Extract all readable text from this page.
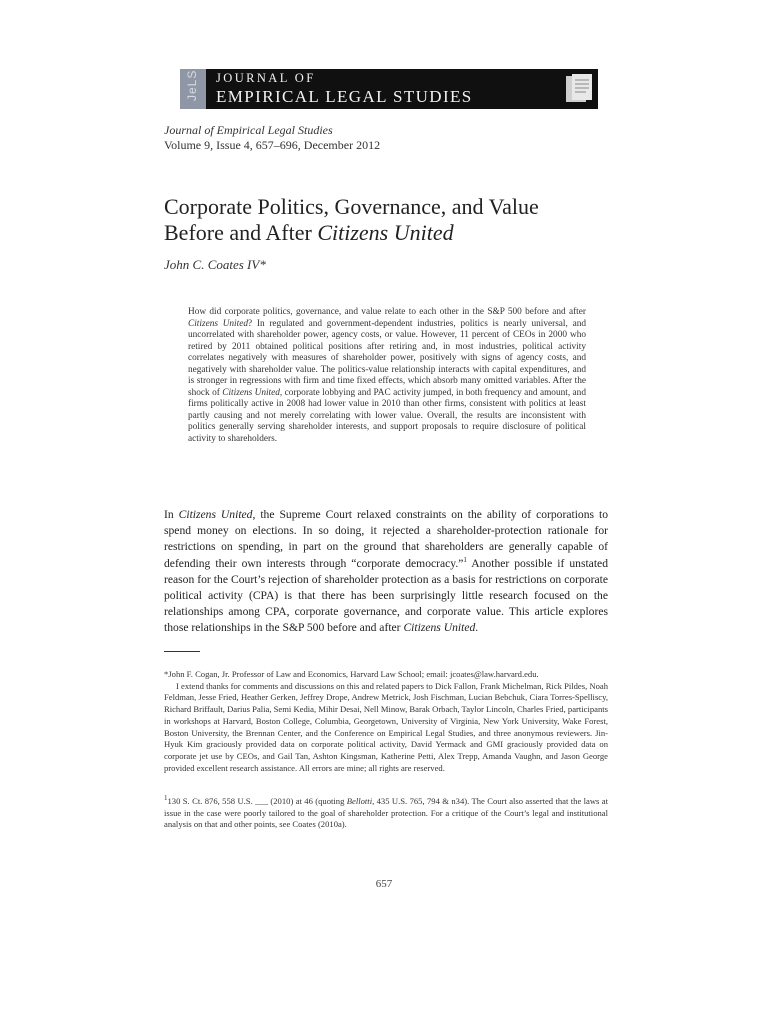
JeLS JOURNAL OF
EMPIRICAL LEGAL STUDIES
Journal of Empirical Legal Studies
Volume 9, Issue 4, 657–696, December 2012
Corporate Politics, Governance, and Value
Before and After Citizens United
John C. Coates IV*
How did corporate politics, governance, and value relate to each other in the S&P 500 before and after Citizens United? In regulated and government-dependent industries, politics is nearly universal, and uncorrelated with shareholder power, agency costs, or value. However, 11 percent of CEOs in 2000 who retired by 2011 obtained political positions after retiring and, in most industries, political activity correlates negatively with measures of shareholder power, positively with signs of agency costs, and negatively with shareholder value. The politics-value relationship interacts with capital expenditures, and is stronger in regressions with firm and time fixed effects, which absorb many omitted variables. After the shock of Citizens United, corporate lobbying and PAC activity jumped, in both frequency and amount, and firms politically active in 2008 had lower value in 2010 than other firms, consistent with politics at least partly causing and not merely correlating with lower value. Overall, the results are inconsistent with politics generally serving shareholder interests, and support proposals to require disclosure of political activity to shareholders.
In Citizens United, the Supreme Court relaxed constraints on the ability of corporations to spend money on elections. In so doing, it rejected a shareholder-protection rationale for restrictions on spending, in part on the ground that shareholders are generally capable of defending their own interests through “corporate democracy.”$^1$ Another possible if unstated reason for the Court’s rejection of shareholder protection as a basis for restrictions on corporate political activity (CPA) is that there has been surprisingly little research focused on the relationships among CPA, corporate governance, and corporate value. This article explores those relationships in the S&P 500 before and after Citizens United.
*John F. Cogan, Jr. Professor of Law and Economics, Harvard Law School; email: jcoates@law.harvard.edu.
I extend thanks for comments and discussions on this and related papers to Dick Fallon, Frank Michelman, Rick Pildes, Noah Feldman, Jesse Fried, Heather Gerken, Jeffrey Drope, Andrew Metrick, Josh Fischman, Lucian Bebchuk, Ciara Torres-Spelliscy, Richard Briffault, Darius Palia, Semi Kedia, Mihir Desai, Nell Minow, Barak Orbach, Taylor Lincoln, Charles Fried, participants in workshops at Harvard, Boston College, Columbia, Georgetown, University of Virginia, New York University, Wake Forest, Boston University, the Brennan Center, and the Conference on Empirical Legal Studies, and three anonymous reviewers. Jin-Hyuk Kim graciously provided data on corporate political activity, David Yermack and GMI graciously provided data on corporate jet use by CEOs, and Gail Tan, Ashton Kingsman, Katherine Petti, Alex Trepp, Amanda Vaughn, and Jason George provided excellent research assistance. All errors are mine; all rights are reserved.
$^1$130 S. Ct. 876, 558 U.S. ___ (2010) at 46 (quoting Bellotti, 435 U.S. 765, 794 & n34). The Court also asserted that the laws at issue in the case were poorly tailored to the goal of shareholder protection. For a critique of the Court’s legal and institutional analysis on that and other points, see Coates (2010a).
657
